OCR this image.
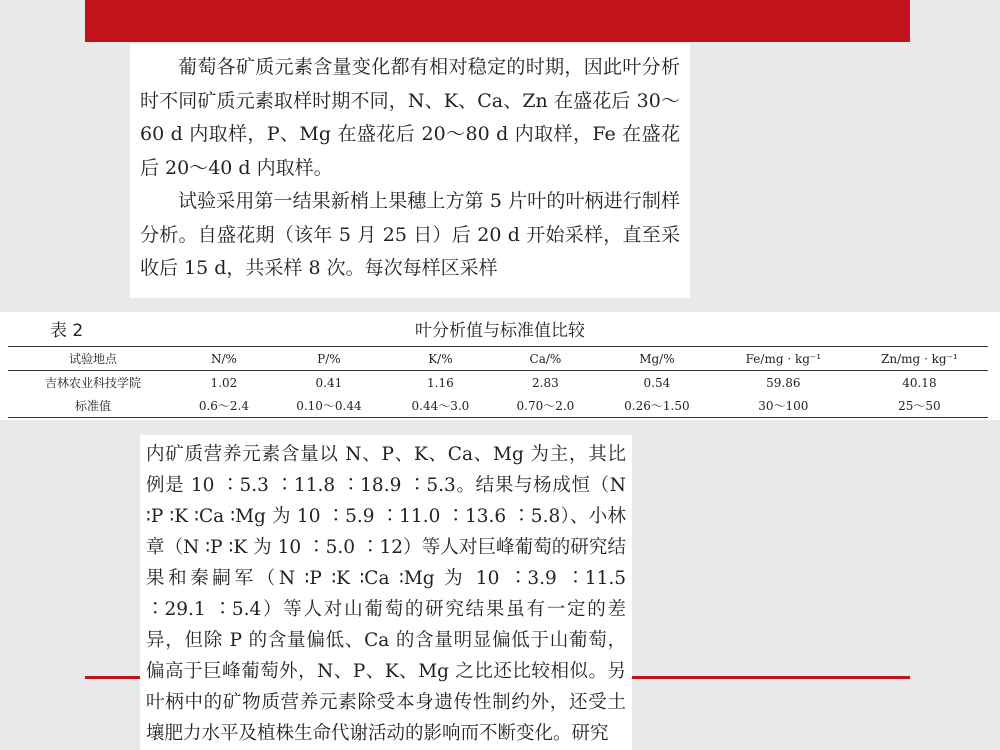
葡萄各矿质元素含量变化都有相对稳定的时期，因此叶分析时不同矿质元素取样时期不同，N、K、Ca、Zn 在盛花后 30～60 d 内取样，P、Mg 在盛花后 20～80 d 内取样，Fe 在盛花后 20～40 d 内取样。

试验采用第一结果新梢上果穗上方第 5 片叶的叶柄进行制样分析。自盛花期（该年 5 月 25 日）后 20 d 开始采样，直至采收后 15 d，共采样 8 次。每次每样区采样

表 2	叶分析值与标准值比较
试验地点	N/%	P/%	K/%	Ca/%	Mg/%	Fe/mg · kg⁻¹	Zn/mg · kg⁻¹
吉林农业科技学院	1.02	0.41	1.16	2.83	0.54	59.86	40.18
标准值	0.6～2.4	0.10～0.44	0.44～3.0	0.70～2.0	0.26～1.50	30～100	25～50

内矿质营养元素含量以 N、P、K、Ca、Mg 为主，其比例是 10 ∶5.3 ∶11.8 ∶18.9 ∶5.3。结果与杨成恒（N ∶P ∶K ∶Ca ∶Mg 为 10 ∶5.9 ∶11.0 ∶13.6 ∶5.8）、小林章（N ∶P ∶K 为 10 ∶5.0 ∶12）等人对巨峰葡萄的研究结果和秦嗣军（N ∶P ∶K ∶Ca ∶Mg 为 10 ∶3.9 ∶11.5 ∶29.1 ∶5.4）等人对山葡萄的研究结果虽有一定的差异，但除 P 的含量偏低、Ca 的含量明显偏低于山葡萄，偏高于巨峰葡萄外，N、P、K、Mg 之比还比较相似。另叶柄中的矿物质营养元素除受本身遗传性制约外，还受土壤肥力水平及植株生命代谢活动的影响而不断变化。研究
